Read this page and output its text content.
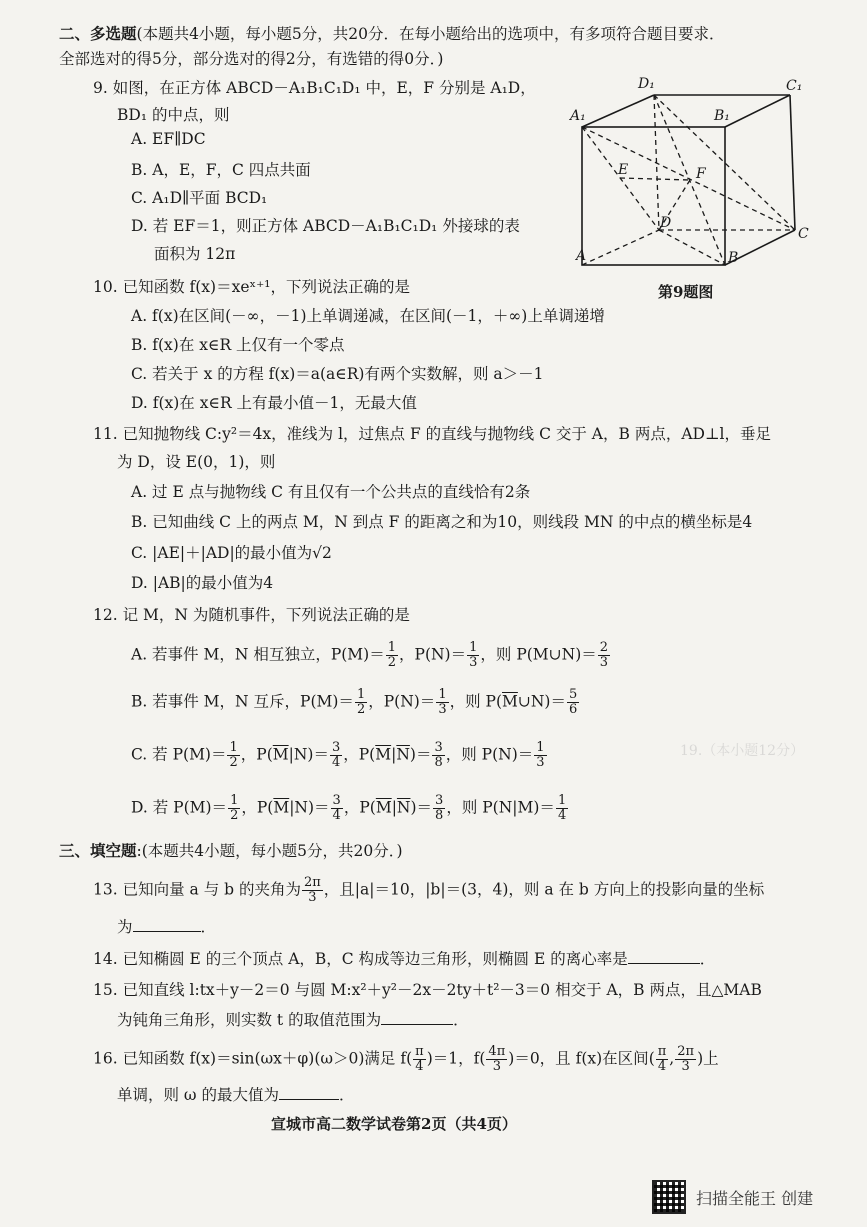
19.（本小题12分）

二、多选题(本题共4小题，每小题5分，共20分．在每小题给出的选项中，有多项符合题目要求．
全部选对的得5分，部分选对的得2分，有选错的得0分．)
9. 如图，在正方体 ABCD－A₁B₁C₁D₁ 中，E，F 分别是 A₁D，
BD₁ 的中点，则
A. EF∥DC
B. A，E，F，C 四点共面
C. A₁D∥平面 BCD₁
D. 若 EF＝1，则正方体 ABCD－A₁B₁C₁D₁ 外接球的表
面积为 12π
D₁	C₁
A₁	B₁
E	F
D
A	B
C
第9题图
10. 已知函数 f(x)＝xeˣ⁺¹，下列说法正确的是
A. f(x)在区间(－∞，－1)上单调递减，在区间(－1，＋∞)上单调递增
B. f(x)在 x∈R 上仅有一个零点
C. 若关于 x 的方程 f(x)＝a(a∈R)有两个实数解，则 a＞－1
D. f(x)在 x∈R 上有最小值－1，无最大值
11. 已知抛物线 C:y²＝4x，准线为 l，过焦点 F 的直线与抛物线 C 交于 A，B 两点，AD⊥l，垂足
为 D，设 E(0，1)，则
A. 过 E 点与抛物线 C 有且仅有一个公共点的直线恰有2条
B. 已知曲线 C 上的两点 M，N 到点 F 的距离之和为10，则线段 MN 的中点的横坐标是4
C. |AE|＋|AD|的最小值为√2
D. |AB|的最小值为4
12. 记 M，N 为随机事件，下列说法正确的是
A. 若事件 M，N 相互独立，$P(M)= \frac{1}{2}$ ，$P(N)= \frac{1}{3}$ ，则 P(M∪N)＝ $\frac{2}{3}$
B. 若事件 M，N 互斥，$P(M)= \frac{1}{2}$ ，$P(N)= \frac{1}{3}$ ，则 $P(\overline{M}\cup N)= \frac{5}{6}$
C. 若 $P(M)= \frac{1}{2}$ ，$P(\overline{M}|N)= \frac{3}{4}$ ，$P(\overline{M}|\overline{N})= \frac{3}{8}$ ，则 $P(N)= \frac{1}{3}$
D. 若 $P(M)= \frac{1}{2}$ ，$P(\overline{M}|N)= \frac{3}{4}$ ，$P(\overline{M}|\overline{N})= \frac{3}{8}$ ，则 $P(N|M)= \frac{1}{4}$
三、填空题:(本题共4小题，每小题5分，共20分．)
13. 已知向量 a 与 b 的夹角为 $\frac{2\pi}{3}$ ，且|a|＝10，|b|＝(3，4)，则 a 在 b 方向上的投影向量的坐标
为	．
14. 已知椭圆 E 的三个顶点 A，B，C 构成等边三角形，则椭圆 E 的离心率是	．
15. 已知直线 l:tx＋y－2＝0 与圆 M:x²＋y²－2x－2ty＋t²－3＝0 相交于 A，B 两点，且△MAB
为钝角三角形，则实数 t 的取值范围为	．
16. 已知函数 f(x)＝sin(ωx＋φ)(ω＞0)满足 $f( \frac{\pi}{4} )=1$，$f( \frac{4\pi}{3} )=0$，且 f(x)在区间( $\frac{\pi}{4}$ , $\frac{2\pi}{3}$ )上
单调，则 ω 的最大值为	．
宣城市高二数学试卷第2页（共4页）
扫描全能王 创建
